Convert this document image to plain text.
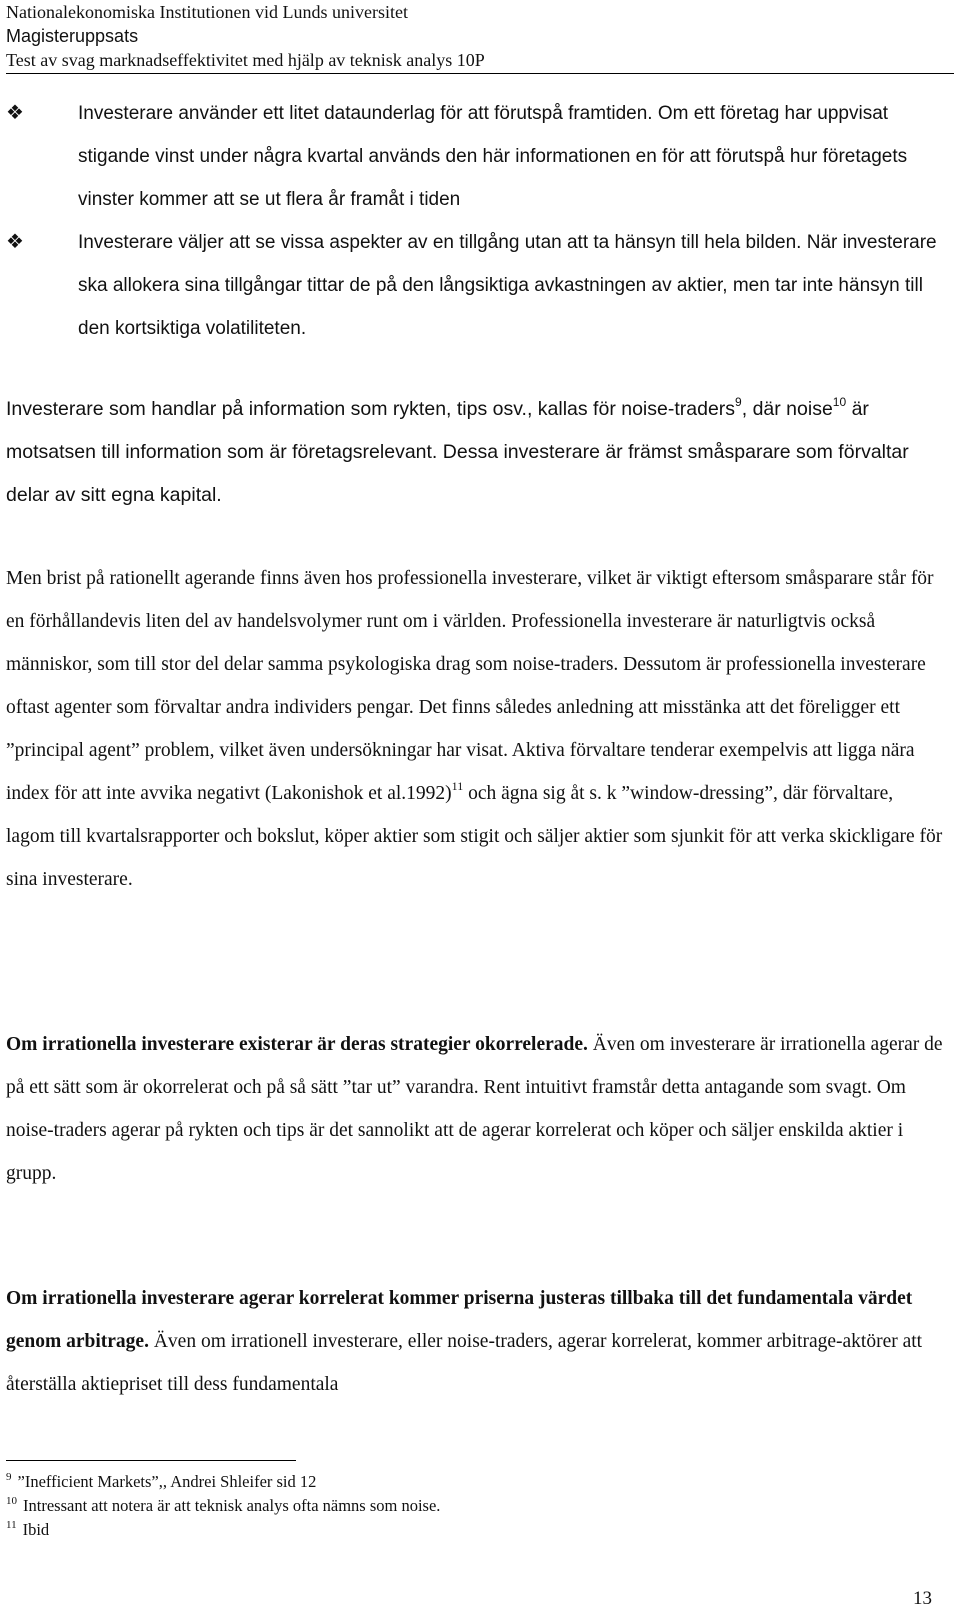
Nationalekonomiska Institutionen vid Lunds universitet
Magisteruppsats
Test av svag marknadseffektivitet med hjälp av teknisk analys 10P
❖	Investerare använder ett litet dataunderlag för att förutspå framtiden. Om ett företag har uppvisat stigande vinst under några kvartal används den här informationen en för att förutspå hur företagets vinster kommer att se ut flera år framåt i tiden
❖	Investerare väljer att se vissa aspekter av en tillgång utan att ta hänsyn till hela bilden. När investerare ska allokera sina tillgångar tittar de på den långsiktiga avkastningen av aktier, men tar inte hänsyn till den kortsiktiga volatiliteten.
Investerare som handlar på information som rykten, tips osv., kallas för noise-traders$^9$, där noise$^{10}$ är motsatsen till information som är företagsrelevant. Dessa investerare är främst småsparare som förvaltar delar av sitt egna kapital.
Men brist på rationellt agerande finns även hos professionella investerare, vilket är viktigt eftersom småsparare står för en förhållandevis liten del av handelsvolymer runt om i världen. Professionella investerare är naturligtvis också människor, som till stor del delar samma psykologiska drag som noise-traders. Dessutom är professionella investerare oftast agenter som förvaltar andra individers pengar. Det finns således anledning att misstänka att det föreligger ett ”principal agent” problem, vilket även undersökningar har visat. Aktiva förvaltare tenderar exempelvis att ligga nära index för att inte avvika negativt (Lakonishok et al.1992)$^{11}$ och ägna sig åt s. k ”window-dressing”, där förvaltare, lagom till kvartalsrapporter och bokslut, köper aktier som stigit och säljer aktier som sjunkit för att verka skickligare för sina investerare.
Om irrationella investerare existerar är deras strategier okorrelerade. Även om investerare är irrationella agerar de på ett sätt som är okorrelerat och på så sätt ”tar ut” varandra. Rent intuitivt framstår detta antagande som svagt. Om noise-traders agerar på rykten och tips är det sannolikt att de agerar korrelerat och köper och säljer enskilda aktier i grupp.
Om irrationella investerare agerar korrelerat kommer priserna justeras tillbaka till det fundamentala värdet genom arbitrage. Även om irrationell investerare, eller noise-traders, agerar korrelerat, kommer arbitrage-aktörer att återställa aktiepriset till dess fundamentala
$^9$ ”Inefficient Markets”,, Andrei Shleifer sid 12
$^{10}$ Intressant att notera är att teknisk analys ofta nämns som noise.
$^{11}$ Ibid
13
